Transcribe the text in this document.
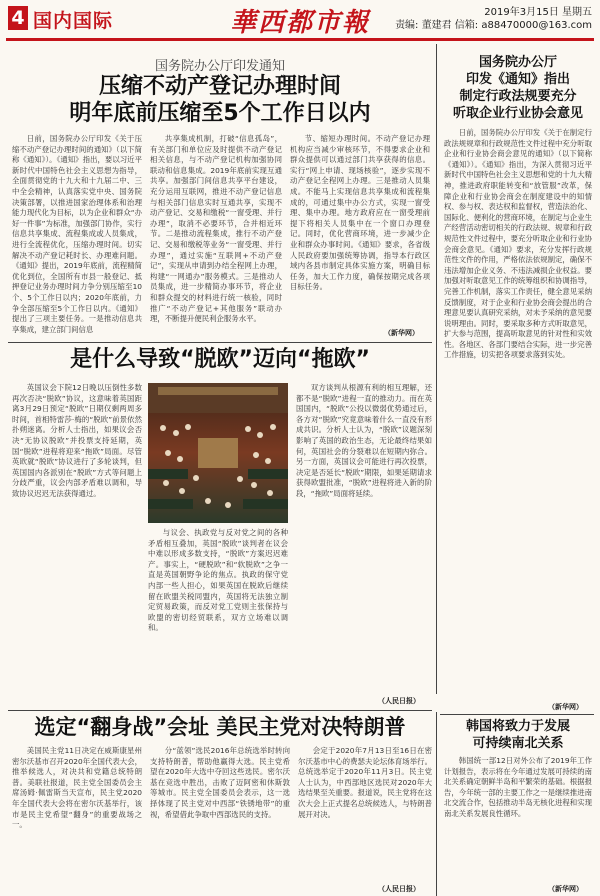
4 国内国际	華西都市報	2019年3月15日 星期五
责编: 董建君 信箱: a88470000@163.com
国务院办公厅印发通知
压缩不动产登记办理时间
明年底前压缩至5个工作日以内

日前，国务院办公厅印发《关于压缩不动产登记办理时间的通知》（以下简称《通知》）。《通知》指出，要以习近平新时代中国特色社会主义思想为指导，全面贯彻党的十九大和十九届二中、三中全会精神，认真落实党中央、国务院决策部署，以推进国家治理体系和治理能力现代化为目标，以为企业和群众“办好一件事”为标准，加强部门协作，实行信息共享集成、流程集成或人员集成，进行全流程优化，压缩办理时间。切实解决不动产登记耗时长、办理难问题。《通知》提出，2019年底前，流程精简优化到位，全国所有市县一般登记、抵押登记业务办理时间力争分别压缩至10个、5个工作日以内；2020年底前，力争全部压缩至5个工作日以内。《通知》提出了三项主要任务。一是推动信息共享集成，建立部门间信息

共享集成机制，打破“信息孤岛”，有关部门和单位应及时提供不动产登记相关信息，与不动产登记机构加强协同联动和信息集成。2019年底前实现互通共享。加强部门间信息共享平台建设，充分运用互联网，推进不动产登记信息与相关部门信息实时互通共享，实现不动产登记、交易和缴税“一窗受理、并行办理”，取消不必要环节，合并相近环节。二是推动流程集成，推行不动产登记、交易和缴税等业务“一窗受理、并行办理”，通过实施“互联网+不动产登记”，实现从申请到办结全程网上办理，构建“一网通办”服务模式。三是推动人员集成，进一步精简办事环节，将企业和群众提交的材料进行统一核验，同时推广“不动产登记+其他服务”联动办理，不断提升便民利企服务水平。

节、缩短办理时间。不动产登记办理机构应当减少审核环节，不得要求企业和群众提供可以通过部门共享获得的信息。实行“网上申请、现场核验”，逐步实现不动产登记全程网上办理。三是推动人员集成。不能马上实现信息共享集成和流程集成的，可通过集中办公方式，实现一窗受理、集中办理。地方政府应在一窗受理前提下将相关人员集中在一个窗口办理登记。同时，优化营商环境，进一步减少企业和群众办事时间。《通知》要求，各省级人民政府要加强统筹协调，指导本行政区域内各县市制定具体实施方案，明确目标任务，加大工作力度，确保按期完成各项目标任务。

（新华网）
是什么导致“脱欧”迈向“拖欧”

英国议会下院12日晚以压倒性多数再次否决“脱欧”协议，这意味着英国距离3月29日预定“脱欧”日期仅剩两周多时间，首相特雷莎·梅的“脱欧”前景依然扑朔迷离。分析人士指出，如果议会否决“无协议脱欧”并投票支持延期，英国“脱欧”进程将迎来“拖欧”局面。尽管英欧就“脱欧”协议进行了多轮谈判，但英国国内各派别在“脱欧”方式等问题上分歧严重，议会内部矛盾难以调和，导致协议迟迟无法获得通过。

与议会、执政党与反对党之间的各种矛盾相互叠加，英国“脱欧”谈判者在议会中难以形成多数支持，“脱欧”方案迟迟难产。事实上，“硬脱欧”和“软脱欧”之争一直是英国朝野争论的焦点。执政的保守党内部一些人担心，如果英国在脱欧后继续留在欧盟关税同盟内，英国将无法独立制定贸易政策，而反对党工党则主张保持与欧盟的密切经贸联系，双方立场难以调和。

双方谈判从根源有利的相互理解，还都不是“脱欧”进程一直的推动力。而在英国国内，“脱欧”公投以微弱优势通过后，各方对“脱欧”究竟意味着什么一直没有形成共识。分析人士认为，“脱欧”议题深刻影响了英国的政治生态，无论最终结果如何，英国社会的分裂难以在短期内弥合。另一方面，英国议会可能进行再次投票，决定是否延长“脱欧”期限，如果延期请求获得欧盟批准，“脱欧”进程将进入新的阶段，“拖欧”局面将延续。

（人民日报）
选定“翻身战”会址 美民主党对决特朗普

美国民主党11日决定在威斯康星州密尔沃基市召开2020年全国代表大会，推举候选人，对决共和党籍总统特朗普。美联社报道，民主党全国委员会主席汤姆·佩雷斯当天宣布，民主党2020年全国代表大会将在密尔沃基举行，该市是民主党希望“翻身”的重要战场之一。

分“蓝领”选民2016年总统选举时转向支持特朗普，帮助他赢得大选。民主党希望在2020年大选中夺回这些选民。密尔沃基在竞选中胜出，击败了迈阿密和休斯敦等城市。民主党全国委员会表示，这一选择体现了民主党对中西部“铁锈地带”的重视，希望借此争取中西部选民的支持。

会定于2020年7月13日至16日在密尔沃基市中心的费瑟夫论坛体育场举行。总统选举定于2020年11月3日。民主党人士认为，中西部地区选民对2020年大选结果至关重要。报道说，民主党将在这次大会上正式提名总统候选人，与特朗普展开对决。

（人民日报）
国务院办公厅
印发《通知》指出
制定行政法规要充分
听取企业行业协会意见

日前，国务院办公厅印发《关于在制定行政法规规章和行政规范性文件过程中充分听取企业和行业协会商会意见的通知》（以下简称《通知》）。《通知》指出，为深入贯彻习近平新时代中国特色社会主义思想和党的十九大精神，推进政府职能转变和“放管服”改革，保障企业和行业协会商会在制度建设中的知情权、参与权、表达权和监督权，营造法治化、国际化、便利化的营商环境，在制定与企业生产经营活动密切相关的行政法规、规章和行政规范性文件过程中，要充分听取企业和行业协会商会意见。《通知》要求，充分发挥行政规范性文件的作用，严格依法依规制定，确保不违法增加企业义务、不违法减损企业权益。要加强对听取意见工作的统筹组织和协调指导，完善工作机制，落实工作责任，健全意见采纳反馈制度，对于企业和行业协会商会提出的合理意见要认真研究采纳，对未予采纳的意见要说明理由。同时，要采取多种方式听取意见，扩大参与范围，提高听取意见的针对性和实效性。各地区、各部门要结合实际，进一步完善工作措施，切实把各项要求落到实处。

（新华网）
韩国将致力于发展
可持续南北关系

韩国统一部12日对外公布了2019年工作计划报告，表示将在今年通过发展可持续的南北关系确定朝鲜半岛和平繁荣的基础。根据报告，今年统一部的主要工作之一是继续推进南北交流合作，包括推动半岛无核化进程和实现南北关系发展良性循环。

（新华网）
